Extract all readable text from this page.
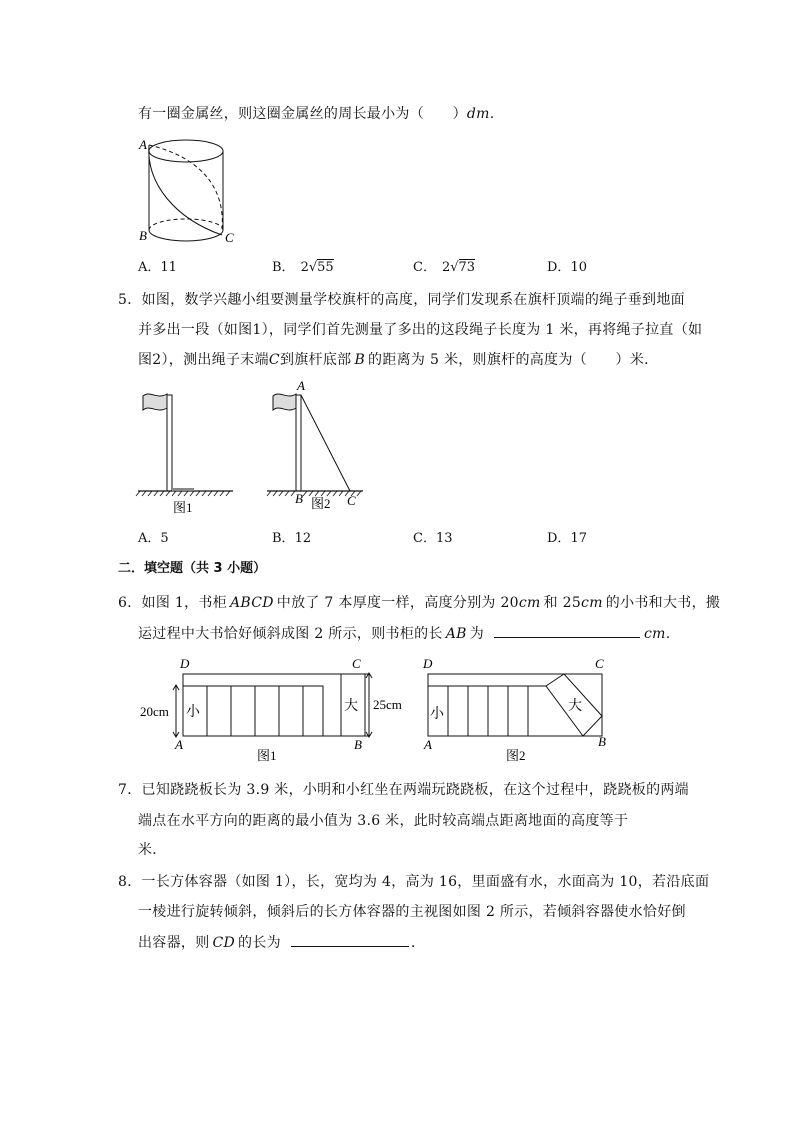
有一圈金属丝，则这圈金属丝的周长最小为（　　）dm.
A
B	C
A．11	B． 2√55	C． 2√73	D．10
5．如图，数学兴趣小组要测量学校旗杆的高度，同学们发现系在旗杆顶端的绳子垂到地面
并多出一段（如图1），同学们首先测量了多出的这段绳子长度为 1 米，再将绳子拉直（如
图2），测出绳子末端C到旗杆底部 B 的距离为 5 米，则旗杆的高度为（　　）米．
图1
A
B	C
图2
A．5	B．12	C．13	D．17
二．填空题（共 3 小题）
6．如图 1，书柜 ABCD 中放了 7 本厚度一样，高度分别为 20cm 和 25cm 的小书和大书，搬
运过程中大书恰好倾斜成图 2 所示，则书柜的长 AB 为	cm.
D	C
A	B
20cm	25cm
小	大
图1
D	C
A	B
小
大
图2
7．已知跷跷板长为 3.9 米，小明和小红坐在两端玩跷跷板，在这个过程中，跷跷板的两端
端点在水平方向的距离的最小值为 3.6 米，此时较高端点距离地面的高度等于
米．
8．一长方体容器（如图 1），长，宽均为 4，高为 16，里面盛有水，水面高为 10，若沿底面
一棱进行旋转倾斜，倾斜后的长方体容器的主视图如图 2 所示，若倾斜容器使水恰好倒
出容器，则 CD 的长为	．
